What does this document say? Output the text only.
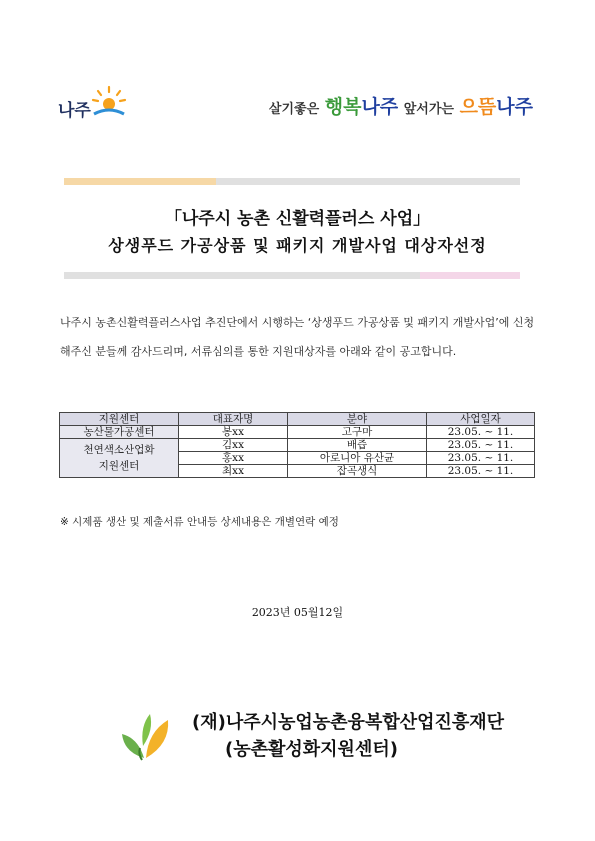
나주	살기좋은 행복나주 앞서가는 으뜸나주
「나주시 농촌 신활력플러스 사업」
상생푸드 가공상품 및 패키지 개발사업 대상자선정
나주시 농촌신활력플러스사업 추진단에서 시행하는 ‘상생푸드 가공상품 및 패키지 개발사업’에 신청해주신 분들께 감사드리며, 서류심의를 통한 지원대상자를 아래와 같이 공고합니다.
지원센터	대표자명	분야	사업일자
농산물가공센터	봉xx	고구마	23.05. ~ 11.

천연색소산업화
지원센터	김xx	배즙	23.05. ~ 11.
	홍xx	아로니아 유산균	23.05. ~ 11.
	최xx	잡곡생식	23.05. ~ 11.
※ 시제품 생산 및 제출서류 안내등 상세내용은 개별연락 예정
2023년 05월12일
(재)나주시농업농촌융복합산업진흥재단
(농촌활성화지원센터)
